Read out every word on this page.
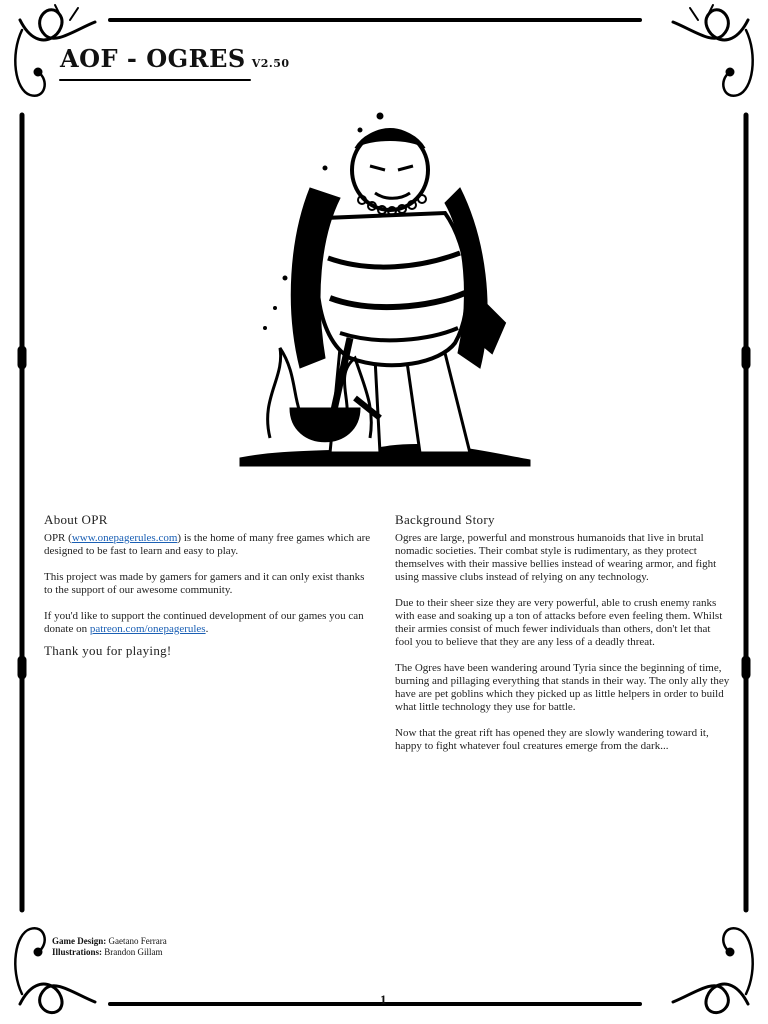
AOF - OGRES V2.50
About OPR

OPR (www.onepagerules.com) is the home of many free games which are designed to be fast to learn and easy to play.

This project was made by gamers for gamers and it can only exist thanks to the support of our awesome community.

If you'd like to support the continued development of our games you can donate on patreon.com/onepagerules.

Thank you for playing!
Background Story

Ogres are large, powerful and monstrous humanoids that live in brutal nomadic societies. Their combat style is rudimentary, as they protect themselves with their massive bellies instead of wearing armor, and fight using massive clubs instead of relying on any technology.

Due to their sheer size they are very powerful, able to crush enemy ranks with ease and soaking up a ton of attacks before even feeling them. Whilst their armies consist of much fewer individuals than others, don't let that fool you to believe that they are any less of a deadly threat.

The Ogres have been wandering around Tyria since the beginning of time, burning and pillaging everything that stands in their way. The only ally they have are pet goblins which they picked up as little helpers in order to build what little technology they use for battle.

Now that the great rift has opened they are slowly wandering toward it, happy to fight whatever foul creatures emerge from the dark...

Game Design: Gaetano Ferrara
Illustrations: Brandon Gillam
1
